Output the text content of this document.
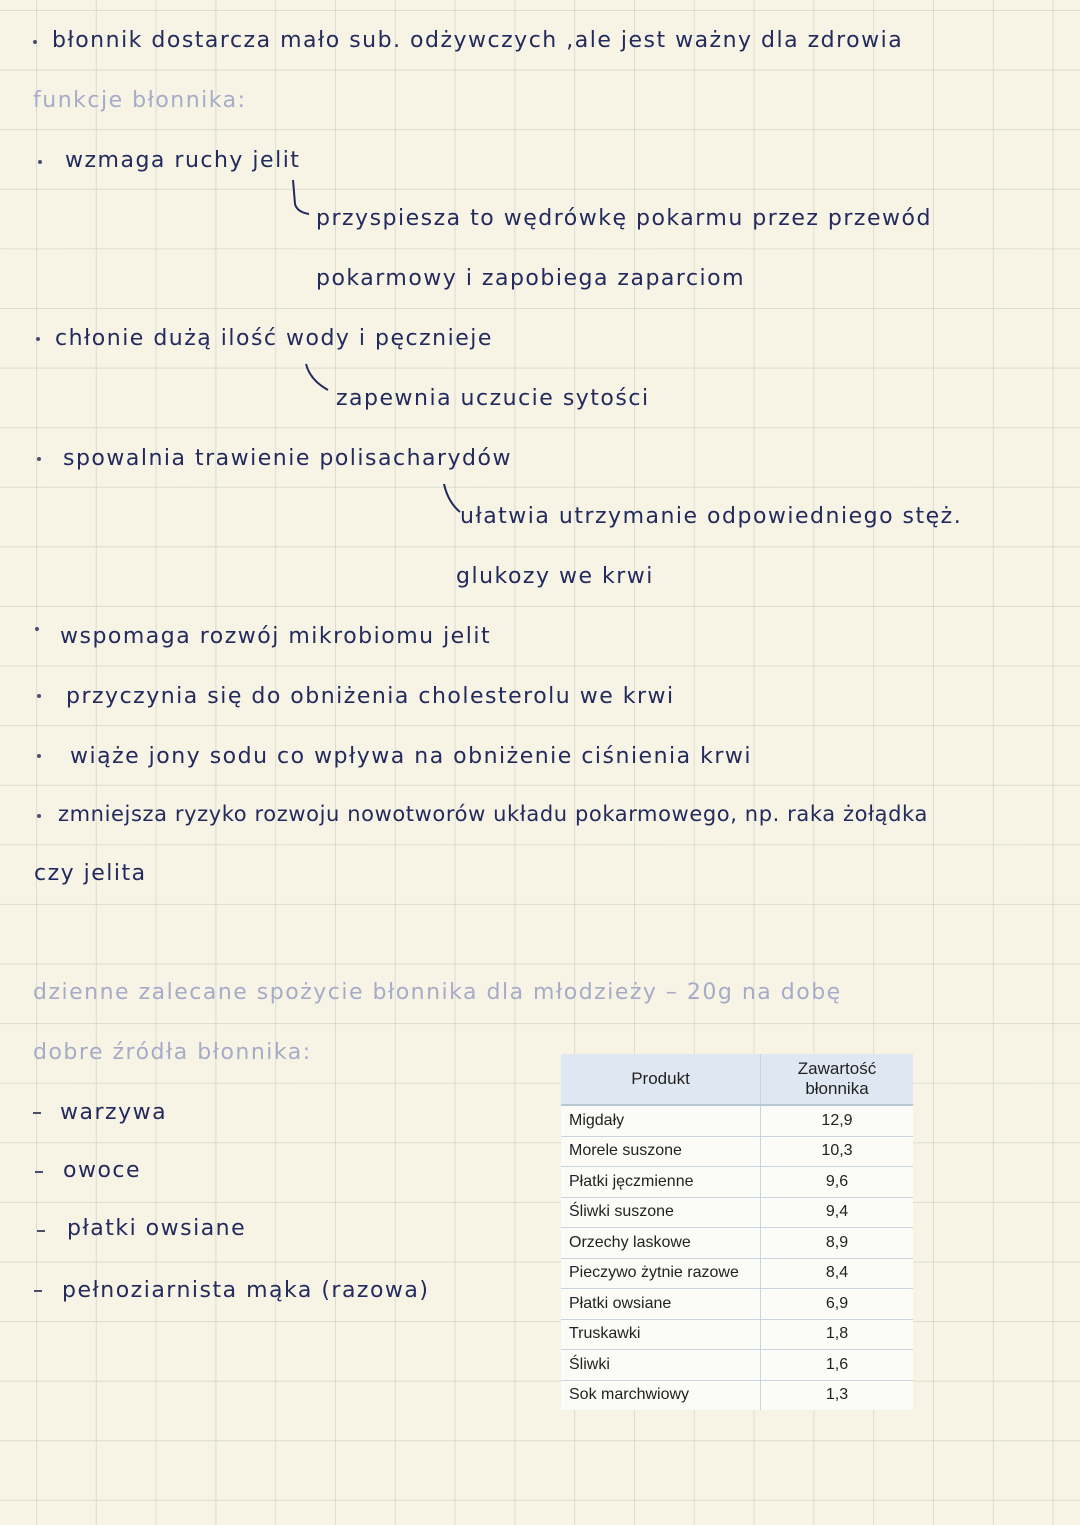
błonnik dostarcza mało sub. odżywczych ,ale jest ważny dla zdrowia
funkcje błonnika:
wzmaga ruchy jelit
przyspiesza to wędrówkę pokarmu przez przewód
pokarmowy i zapobiega zaparciom
chłonie dużą ilość wody i pęcznieje
zapewnia uczucie sytości
spowalnia trawienie polisacharydów
ułatwia utrzymanie odpowiedniego stęż.
glukozy we krwi
wspomaga rozwój mikrobiomu jelit
przyczynia się do obniżenia cholesterolu we krwi
wiąże jony sodu co wpływa na obniżenie ciśnienia krwi
zmniejsza ryzyko rozwoju nowotworów układu pokarmowego, np. raka żołądka
czy jelita
dzienne zalecane spożycie błonnika dla młodzieży – 20g na dobę
dobre źródła błonnika:
warzywa
owoce
płatki owsiane
pełnoziarnista mąka (razowa)
Produkt	Zawartość błonnika
Migdały	12,9
Morele suszone	10,3
Płatki jęczmienne	9,6
Śliwki suszone	9,4
Orzechy laskowe	8,9
Pieczywo żytnie razowe	8,4
Płatki owsiane	6,9
Truskawki	1,8
Śliwki	1,6
Sok marchwiowy	1,3
